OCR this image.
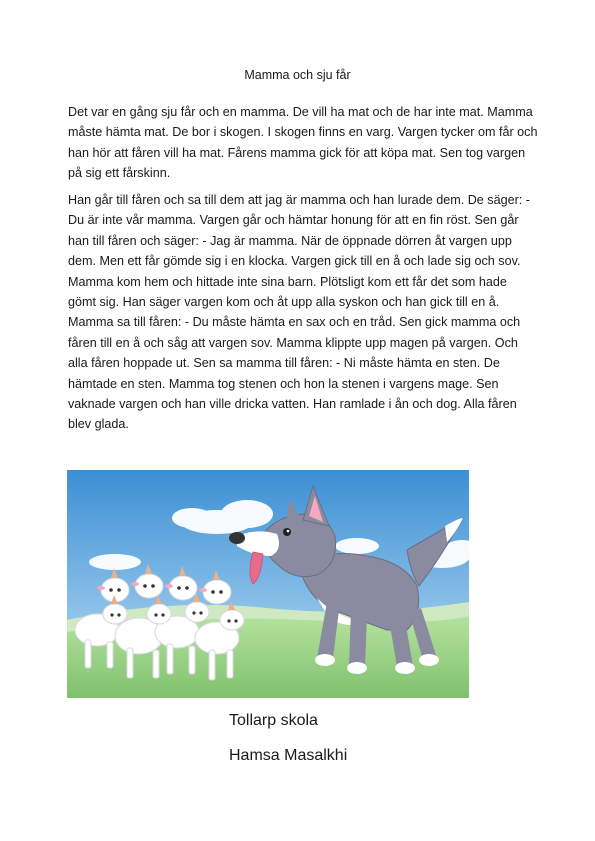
Mamma och sju får

Det var en gång sju får och en mamma. De vill ha mat och de har inte mat. Mamma måste hämta mat. De bor i skogen. I skogen finns en varg. Vargen tycker om får och han hör att fåren vill ha mat. Fårens mamma gick för att köpa mat. Sen tog vargen på sig ett fårskinn.

Han går till fåren och sa till dem att jag är mamma och han lurade dem. De säger: - Du är inte vår mamma. Vargen går och hämtar honung för att en fin röst. Sen går han till fåren och säger: - Jag är mamma. När de öppnade dörren åt vargen upp dem. Men ett får gömde sig i en klocka. Vargen gick till en å och lade sig och sov. Mamma kom hem och hittade inte sina barn. Plötsligt kom ett får det som hade gömt sig. Han säger vargen kom och åt upp alla syskon och han gick till en å. Mamma sa till fåren: - Du måste hämta en sax och en tråd. Sen gick mamma och fåren till en å och såg att vargen sov. Mamma klippte upp magen på vargen. Och alla fåren hoppade ut. Sen sa mamma till fåren: - Ni måste hämta en sten. De hämtade en sten. Mamma tog stenen och hon la stenen i vargens mage. Sen vaknade vargen och han ville dricka vatten. Han ramlade i ån och dog. Alla fåren blev glada.

Tollarp skola
Hamsa Masalkhi
